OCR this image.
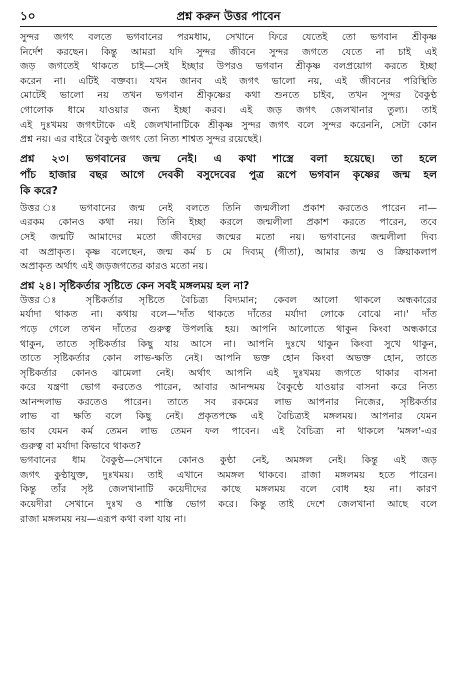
১০	প্রশ্ন করুন উত্তর পাবেন
সুন্দর জগৎ বলতে ভগবানের পরমধাম, সেখানে ফিরে যেতেই তো ভগবান শ্রীকৃষ্ণ
নির্দেশ করছেন। কিন্তু আমরা যদি সুন্দর জীবনে সুন্দর জগতে যেতে না চাই এই
জড় জগতেই থাকতে চাই—সেই ইচ্ছার উপরও ভগবান শ্রীকৃষ্ণ বলপ্রয়োগ করতে ইচ্ছা
করেন না। এটিই বক্তব্য। যখন জানব এই জগৎ ভালো নয়, এই জীবনের পরিস্থিতি
মোটেই ভালো নয় তখন ভগবান শ্রীকৃষ্ণের কথা শুনতে চাইব, তখন সুন্দর বৈকুণ্ঠ
গোলোক ধামে যাওয়ার জন্য ইচ্ছা করব। এই জড় জগৎ জেলখানার তুল্য। তাই
এই দুঃখময় জগৎটাকে এই জেলখানাটিকে শ্রীকৃষ্ণ সুন্দর জগৎ বলে সুন্দর করেননি, সেটা কোন
প্রশ্ন নয়। এর বাইরে বৈকুণ্ঠ জগৎ তো নিত্য শাশ্বত সুন্দর রয়েছেই।
প্রশ্ন ২৩। ভগবানের জন্ম নেই। এ কথা শাস্ত্রে বলা হয়েছে। তা হলে
পাঁচ হাজার বছর আগে দেবকী বসুদেবের পুত্র রূপে ভগবান কৃষ্ণের জন্ম হল
কি করে?
উত্তর ঃ ভগবানের জন্ম নেই বলতে তিনি জন্মলীলা প্রকাশ করতেও পারেন না—
এরকম কোনও কথা নয়। তিনি ইচ্ছা করলে জন্মলীলা প্রকাশ করতে পারেন, তবে
সেই জন্মটি আমাদের মতো জীবদের জন্মের মতো নয়। ভগবানের জন্মলীলা দিব্য
বা অপ্রাকৃত। কৃষ্ণ বলেছেন, জন্ম কর্ম চ মে দিব্যম্ (গীতা), আমার জন্ম ও ক্রিয়াকলাপ
অপ্রাকৃত অর্থাৎ এই জড়জগতের কারও মতো নয়।
প্রশ্ন ২৪। সৃষ্টিকর্তার সৃষ্টিতে কেন সবই মঙ্গলময় হল না?
উত্তর ঃ সৃষ্টিকর্তার সৃষ্টিতে বৈচিত্র্য বিদ্যমান; কেবল আলো থাকলে অন্ধকারের
মর্যাদা থাকত না। কথায় বলে—'দাঁত থাকতে দাঁতের মর্যাদা লোকে বোঝে না।' দাঁত
পড়ে গেলে তখন দাঁতের গুরুত্ব উপলব্ধি হয়। আপনি আলোতে থাকুন কিংবা অন্ধকারে
থাকুন, তাতে সৃষ্টিকর্তার কিছু যায় আসে না। আপনি দুঃখে থাকুন কিংবা সুখে থাকুন,
তাতে সৃষ্টিকর্তার কোন লাভ-ক্ষতি নেই। আপনি ভক্ত হোন কিংবা অভক্ত হোন, তাতে
সৃষ্টিকর্তার কোনও ঝামেলা নেই। অর্থাৎ আপনি এই দুঃখময় জগতে থাকার বাসনা
করে যন্ত্রণা ভোগ করতেও পারেন, আবার আনন্দময় বৈকুণ্ঠে যাওয়ার বাসনা করে নিত্য
আনন্দলাভ করতেও পারেন। তাতে সব রকমের লাভ আপনার নিজের, সৃষ্টিকর্তার
লাভ বা ক্ষতি বলে কিছু নেই। প্রকৃতপক্ষে এই বৈচিত্র্যই মঙ্গলময়। আপনার যেমন
ভাব যেমন কর্ম তেমন লাভ তেমন ফল পাবেন। এই বৈচিত্র্য না থাকলে 'মঙ্গল'-এর
গুরুত্ব বা মর্যাদা কিভাবে থাকত?
ভগবানের ধাম বৈকুণ্ঠ—সেখানে কোনও কুণ্ঠা নেই, অমঙ্গল নেই। কিন্তু এই জড়
জগৎ কুণ্ঠাযুক্ত, দুঃখময়। তাই এখানে অমঙ্গল থাকবে। রাজা মঙ্গলময় হতে পারেন।
কিন্তু তাঁর সৃষ্ট জেলখানাটি কয়েদীদের কাছে মঙ্গলময় বলে বোধ হয় না। কারণ
কয়েদীরা সেখানে দুঃখ ও শাস্তি ভোগ করে। কিন্তু তাই দেশে জেলখানা আছে বলে
রাজা মঙ্গলময় নয়—এরূপ কথা বলা যায় না।
